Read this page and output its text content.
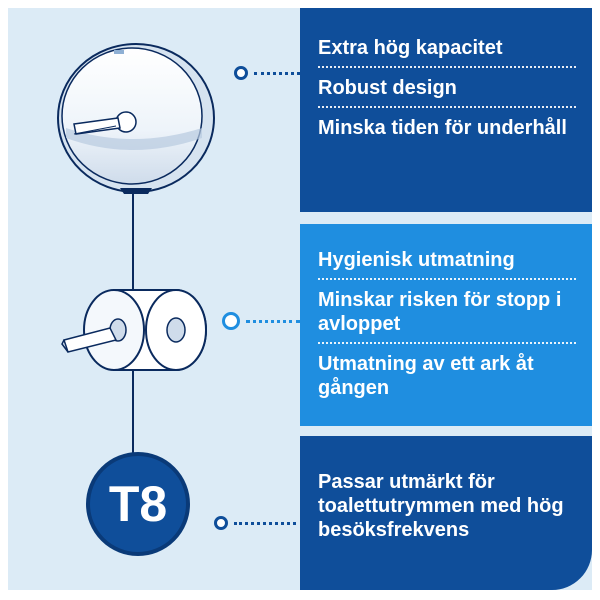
T8
Extra hög kapacitet
Robust design
Minska tiden för underhåll
Hygienisk utmatning
Minskar risken för stopp i avloppet
Utmatning av ett ark åt gången
Passar utmärkt för toalettutrymmen med hög besöksfrekvens
